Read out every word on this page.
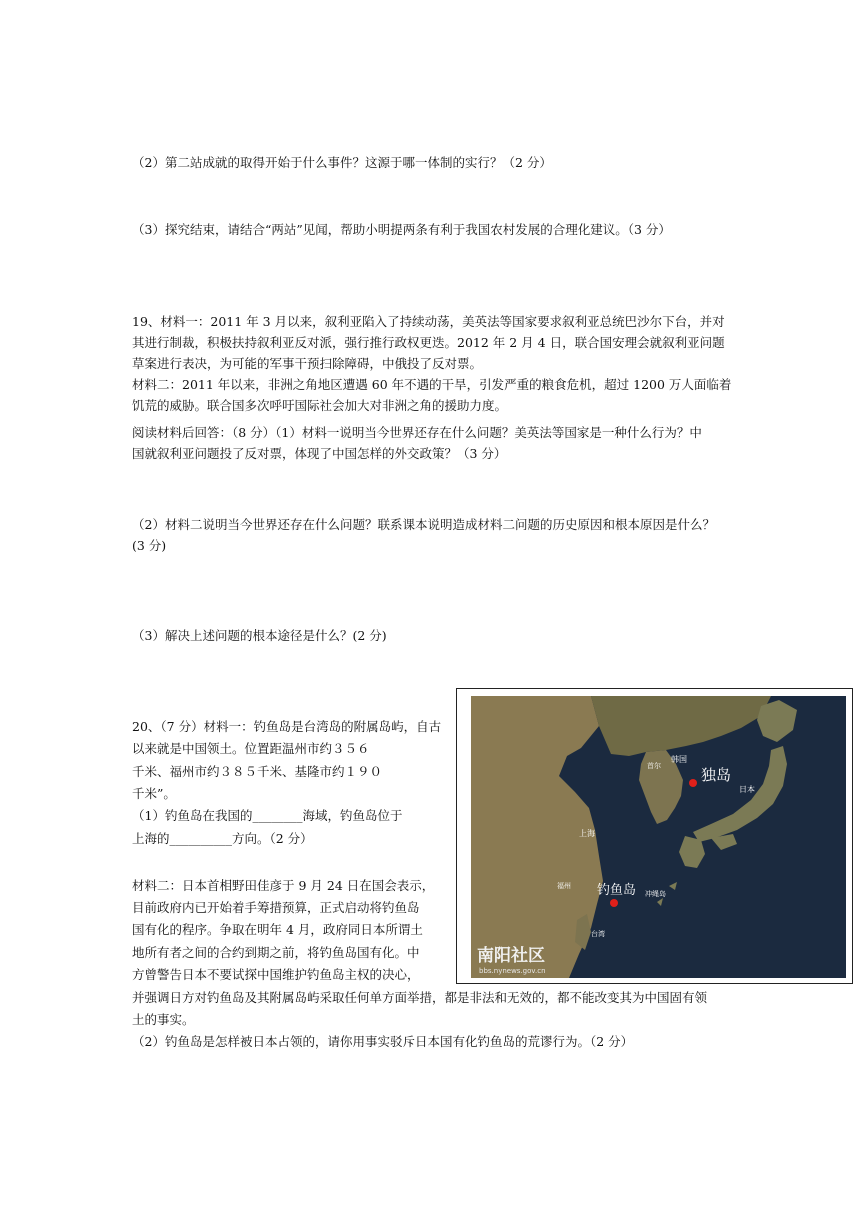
（2）第二站成就的取得开始于什么事件？这源于哪一体制的实行？（2 分）
（3）探究结束，请结合“两站”见闻，帮助小明提两条有利于我国农村发展的合理化建议。（3 分）
19、材料一：2011 年 3 月以来，叙利亚陷入了持续动荡，美英法等国家要求叙利亚总统巴沙尔下台，并对
其进行制裁，积极扶持叙利亚反对派，强行推行政权更迭。2012 年 2 月 4 日，联合国安理会就叙利亚问题
草案进行表决，为可能的军事干预扫除障碍，中俄投了反对票。
材料二：2011 年以来，非洲之角地区遭遇 60 年不遇的干旱，引发严重的粮食危机，超过 1200 万人面临着
饥荒的威胁。联合国多次呼吁国际社会加大对非洲之角的援助力度。
阅读材料后回答：（8 分）（1）材料一说明当今世界还存在什么问题？美英法等国家是一种什么行为？中
国就叙利亚问题投了反对票，体现了中国怎样的外交政策？（3 分）
（2）材料二说明当今世界还存在什么问题？联系课本说明造成材料二问题的历史原因和根本原因是什么？
(3 分)
（3）解决上述问题的根本途径是什么？(2 分)
20、（7 分）材料一：钓鱼岛是台湾岛的附属岛屿，自古
以来就是中国领土。位置距温州市约３５６
千米、福州市约３８５千米、基隆市约１９０
千米”。
（1）钓鱼岛在我国的________海域，钓鱼岛位于
上海的__________方向。（2 分）
材料二：日本首相野田佳彦于 9 月 24 日在国会表示，
目前政府内已开始着手筹措预算，正式启动将钓鱼岛
国有化的程序。争取在明年 4 月，政府同日本所谓土
地所有者之间的合约到期之前，将钓鱼岛国有化。中
方曾警告日本不要试探中国维护钓鱼岛主权的决心，
并强调日方对钓鱼岛及其附属岛屿采取任何单方面举措，都是非法和无效的，都不能改变其为中国固有领
土的事实。
（2）钓鱼岛是怎样被日本占领的，请你用事实驳斥日本国有化钓鱼岛的荒谬行为。（2 分）
独岛
日本
韩国
首尔
上海
福州 钓鱼岛 冲绳岛
台湾
南阳社区
bbs.nynews.gov.cn
